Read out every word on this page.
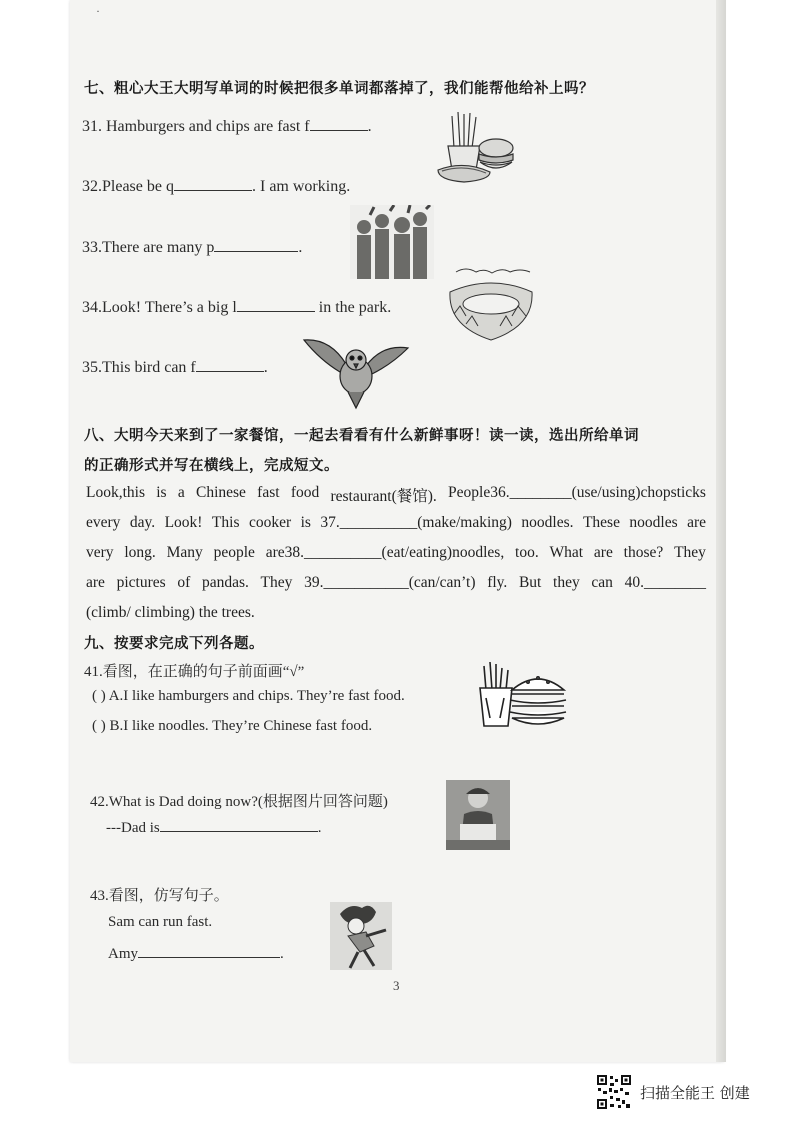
·
七、粗心大王大明写单词的时候把很多单词都落掉了，我们能帮他给补上吗？
31. Hamburgers and chips are fast f	.
32.Please be q	. I am working.
33.There are many p	.
34.Look! There’s a big l	in the park.
35.This bird can f	.
八、大明今天来到了一家餐馆，一起去看看有什么新鲜事呀！读一读，选出所给单词
的正确形式并写在横线上，完成短文。
Look,this is a Chinese fast food restaurant(餐馆). People36.________(use/using)chopsticks
every day. Look! This cooker is 37.__________(make/making) noodles. These noodles are
very long. Many people are38.__________(eat/eating)noodles, too. What are those? They
are pictures of pandas. They 39.___________(can/can’t) fly. But they can 40.________
(climb/ climbing) the trees.
九、按要求完成下列各题。
41.看图，在正确的句子前面画“√”
( ) A.I like hamburgers and chips. They’re fast food.
( ) B.I like noodles. They’re Chinese fast food.
42.What is Dad doing now?(根据图片回答问题)
---Dad is	.
43.看图，仿写句子。
Sam can run fast.
Amy	.
3
扫描全能王 创建
